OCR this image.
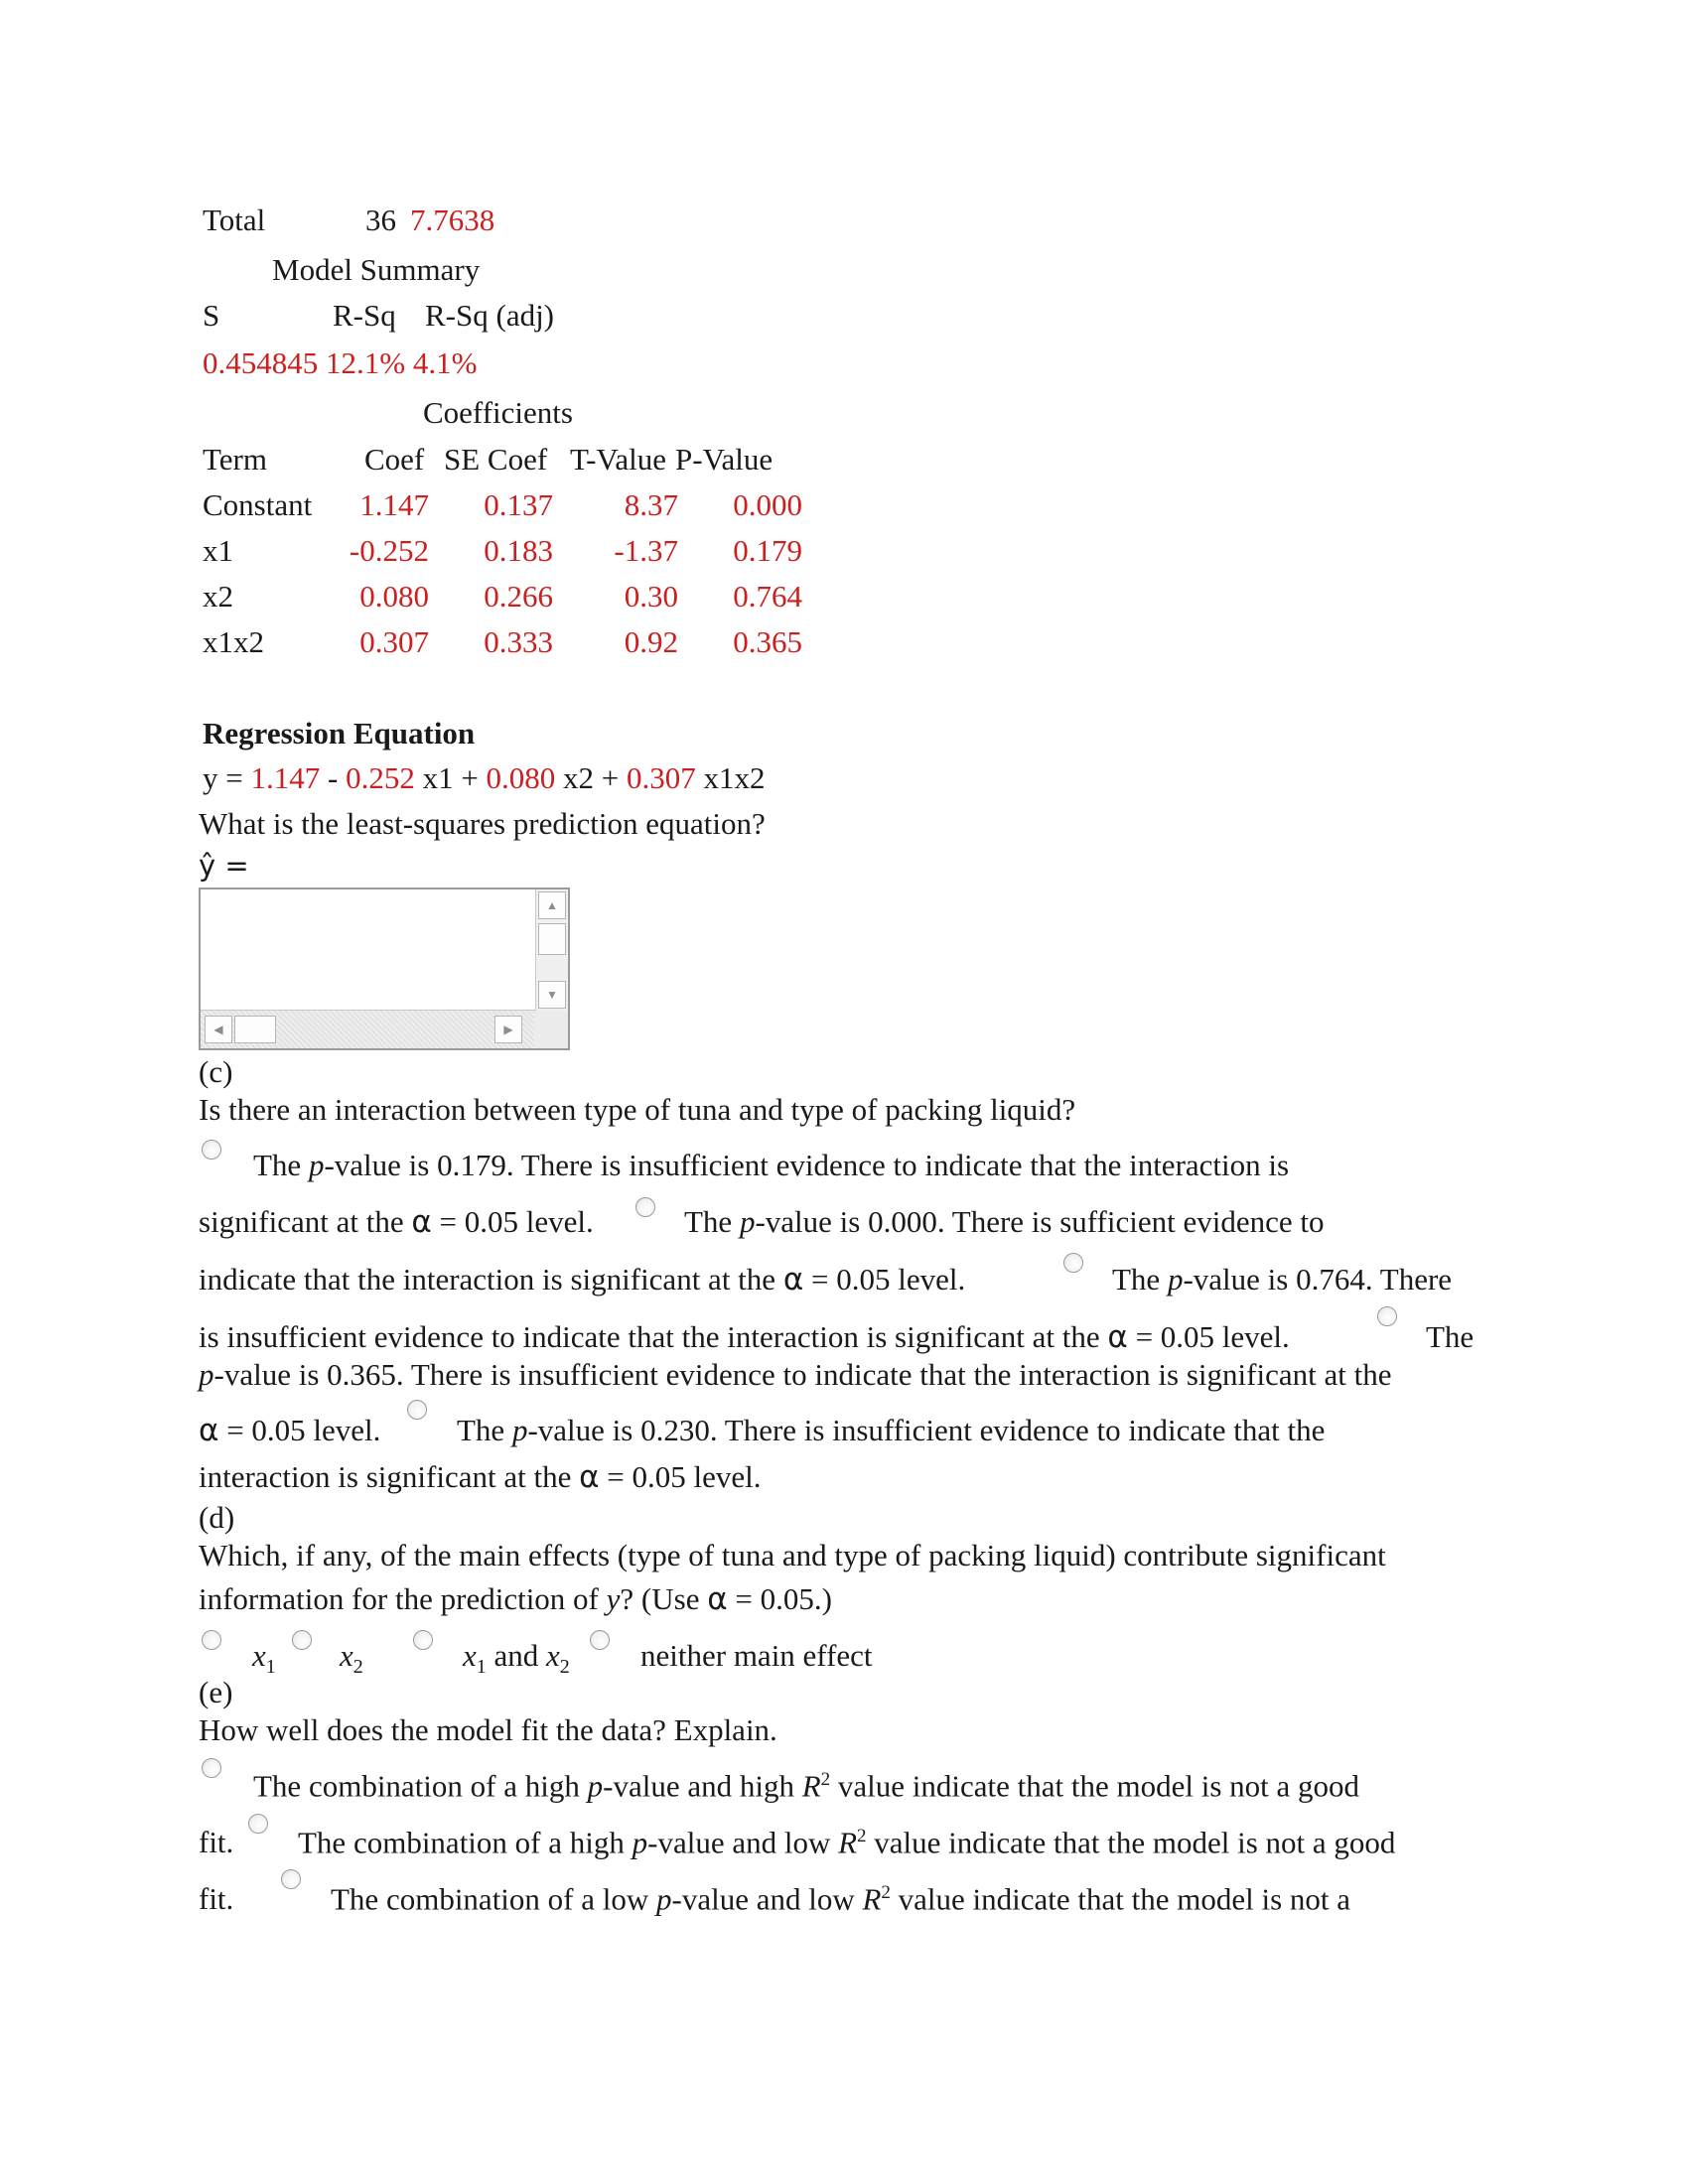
Total	36 7.7638
Model Summary
S	R-Sq R-Sq (adj)
0.454845 12.1% 4.1%
Coefficients
Term	Coef SE Coef T-Value P-Value
Constant 1.147 0.137 8.37 0.000
x1	-0.252 0.183 -1.37 0.179
x2	0.080 0.266 0.30 0.764
x1x2	0.307 0.333 0.92 0.365
Regression Equation
y = 1.147 - 0.252 x1 + 0.080 x2 + 0.307 x1x2
What is the least-squares prediction equation?
ŷ =
▲
▼
◀	▶
(c)
Is there an interaction between type of tuna and type of packing liquid?
The p-value is 0.179. There is insufficient evidence to indicate that the interaction is
significant at the α = 0.05 level.	The p-value is 0.000. There is sufficient evidence to
indicate that the interaction is significant at the α = 0.05 level.	The p-value is 0.764. There
is insufficient evidence to indicate that the interaction is significant at the α = 0.05 level.	The
p-value is 0.365. There is insufficient evidence to indicate that the interaction is significant at the
α = 0.05 level. The p-value is 0.230. There is insufficient evidence to indicate that the
interaction is significant at the α = 0.05 level.
(d)
Which, if any, of the main effects (type of tuna and type of packing liquid) contribute significant
information for the prediction of y? (Use α = 0.05.)
$x_1$ $x_2$	$x_1$ and $x_2$ neither main effect
(e)
How well does the model fit the data? Explain.
The combination of a high p-value and high $R^2$ value indicate that the model is not a good
fit. The combination of a high p-value and low $R^2$ value indicate that the model is not a good
fit.	The combination of a low p-value and low $R^2$ value indicate that the model is not a
